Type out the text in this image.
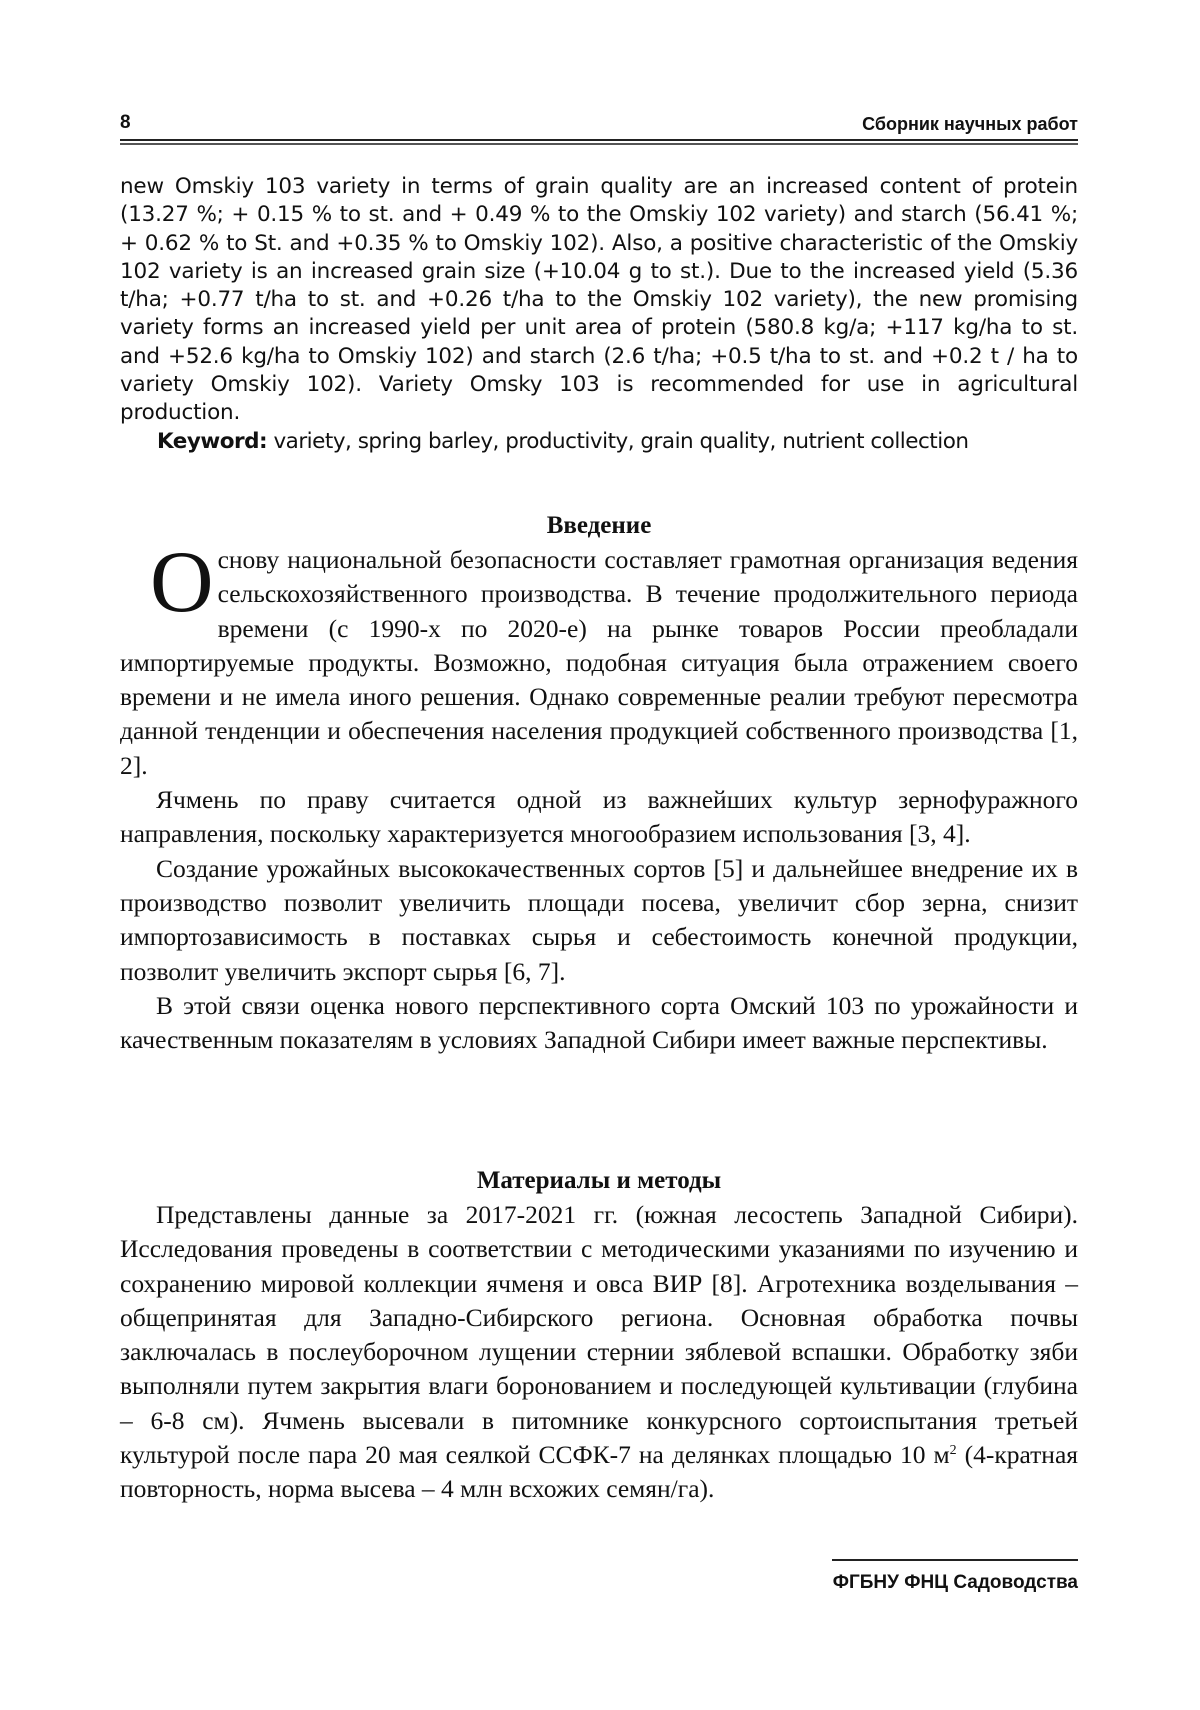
8	Сборник научных работ

new Omskiy 103 variety in terms of grain quality are an increased content of protein (13.27 %; + 0.15 % to st. and + 0.49 % to the Omskiy 102 variety) and starch (56.41 %; + 0.62 % to St. and +0.35 % to Omskiy 102). Also, a positive characteristic of the Omskiy 102 variety is an increased grain size (+10.04 g to st.). Due to the increased yield (5.36 t/ha; +0.77 t/ha to st. and +0.26 t/ha to the Omskiy 102 variety), the new promising variety forms an increased yield per unit area of protein (580.8 kg/a; +117 kg/ha to st. and +52.6 kg/ha to Omskiy 102) and starch (2.6 t/ha; +0.5 t/ha to st. and +0.2 t / ha to variety Omskiy 102). Variety Omsky 103 is recommended for use in agricultural production.

Keyword: variety, spring barley, productivity, grain quality, nutrient collection

Введение

Основу национальной безопасности составляет грамотная организация ведения сельскохозяйственного производства. В течение продолжительного периода времени (с 1990-х по 2020-е) на рынке товаров России преобладали импортируемые продукты. Возможно, подобная ситуация была отражением своего времени и не имела иного решения. Однако современные реалии требуют пересмотра данной тенденции и обеспечения населения продукцией собственного производства [1, 2].

Ячмень по праву считается одной из важнейших культур зернофуражного направления, поскольку характеризуется многообразием использования [3, 4].

Создание урожайных высококачественных сортов [5] и дальнейшее внедрение их в производство позволит увеличить площади посева, увеличит сбор зерна, снизит импортозависимость в поставках сырья и себестоимость конечной продукции, позволит увеличить экспорт сырья [6, 7].

В этой связи оценка нового перспективного сорта Омский 103 по урожайности и качественным показателям в условиях Западной Сибири имеет важные перспективы.

Материалы и методы

Представлены данные за 2017-2021 гг. (южная лесостепь Западной Сибири). Исследования проведены в соответствии с методическими указаниями по изучению и сохранению мировой коллекции ячменя и овса ВИР [8]. Агротехника возделывания – общепринятая для Западно-Сибирского региона. Основная обработка почвы заключалась в послеуборочном лущении стернии зяблевой вспашки. Обработку зяби выполняли путем закрытия влаги боронованием и последующей культивации (глубина – 6-8 см). Ячмень высевали в питомнике конкурсного сортоиспытания третьей культурой после пара 20 мая сеялкой ССФК-7 на делянках площадью 10 $м^2$ (4-кратная повторность, норма высева – 4 млн всхожих семян/га).

ФГБНУ ФНЦ Садоводства
